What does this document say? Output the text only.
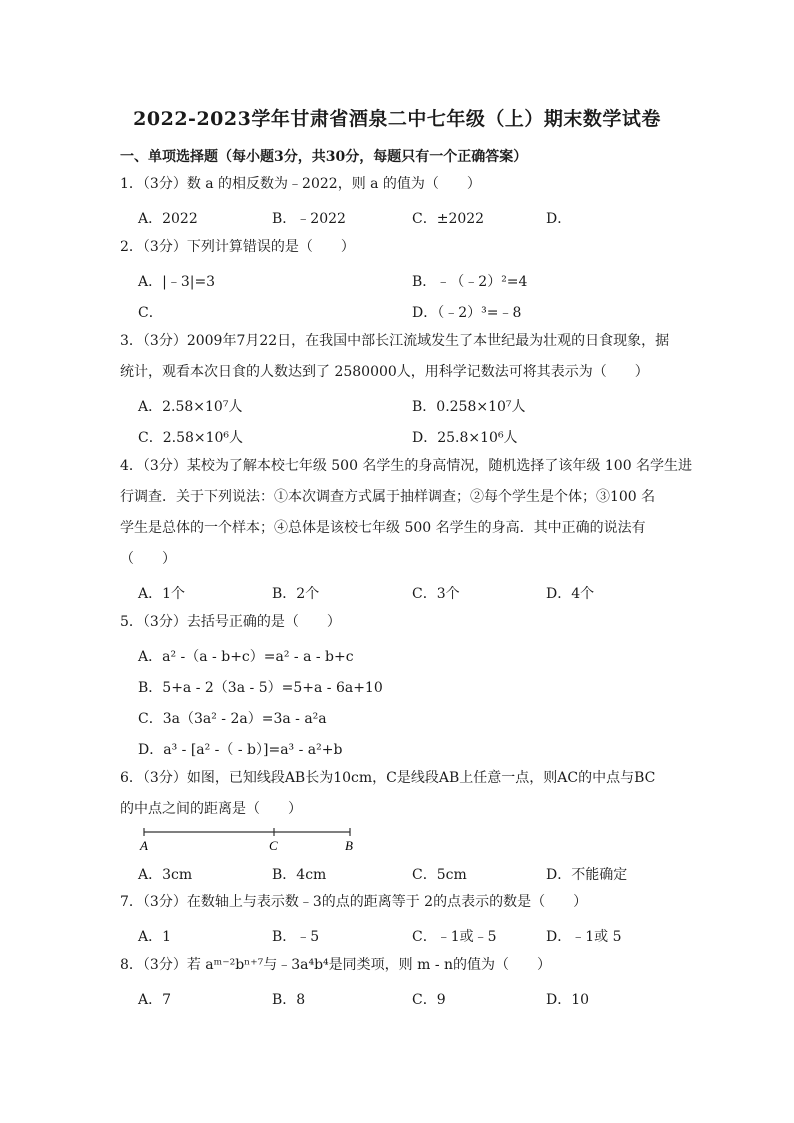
2022-2023学年甘肃省酒泉二中七年级（上）期末数学试卷
一、单项选择题（每小题3分，共30分，每题只有一个正确答案）
1．（3分）数 a 的相反数为﹣2022，则 a 的值为（　　）
A．2022	B．﹣2022	C．±2022	D．
2．（3分）下列计算错误的是（　　）
A．|﹣3|=3	B．﹣（﹣2）²=4
C．	D．（﹣2）³=﹣8
3．（3分）2009年7月22日，在我国中部长江流域发生了本世纪最为壮观的日食现象，据
统计，观看本次日食的人数达到了 2580000人，用科学记数法可将其表示为（　　）
A．2.58×10⁷人	B．0.258×10⁷人
C．2.58×10⁶人	D．25.8×10⁶人
4．（3分）某校为了解本校七年级 500 名学生的身高情况，随机选择了该年级 100 名学生进
行调查．关于下列说法：①本次调查方式属于抽样调查；②每个学生是个体；③100 名
学生是总体的一个样本；④总体是该校七年级 500 名学生的身高．其中正确的说法有
（　　）
A．1个	B．2个	C．3个	D．4个
5．（3分）去括号正确的是（　　）
A．a² -（a - b+c）=a² - a - b+c
B．5+a - 2（3a - 5）=5+a - 6a+10
C．3a（3a² - 2a）=3a - a²a
D．a³ - [a² -（ - b）]=a³ - a²+b
6．（3分）如图，已知线段AB长为10cm，C是线段AB上任意一点，则AC的中点与BC
的中点之间的距离是（　　）
A	C	B
A．3cm	B．4cm	C．5cm	D．不能确定
7．（3分）在数轴上与表示数﹣3的点的距离等于 2的点表示的数是（　　）
A．1	B．﹣5	C．﹣1或﹣5	D．﹣1或 5
8．（3分）若 aᵐ⁻²bⁿ⁺⁷与﹣3a⁴b⁴是同类项，则 m - n的值为（　　）
A．7	B．8	C．9	D．10
